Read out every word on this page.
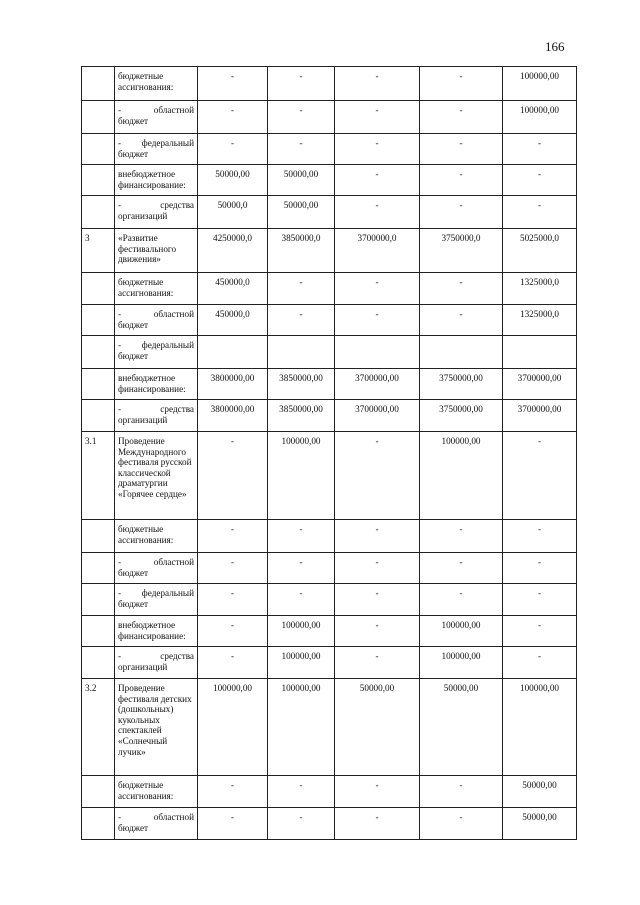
166

	бюджетные ассигнования:	-	-	-	-	100000,00

	- областной бюджет	-	-	-	-	100000,00

	- федеральный бюджет	-	-	-	-	-

	внебюджетное финансирование:	50000,00	50000,00	-	-	-

	- средства организаций	50000,0	50000,00	-	-	-
3	«Развитие фестивального движения»	4250000,0	3850000,0	3700000,0	3750000,0	5025000,0

	бюджетные ассигнования:	450000,0	-	-	-	1325000,0

	- областной бюджет	450000,0	-	-	-	1325000,0

	- федеральный бюджет					

	внебюджетное финансирование:	3800000,00	3850000,00	3700000,00	3750000,00	3700000,00

	- средства организаций	3800000,00	3850000,00	3700000,00	3750000,00	3700000,00
3.1	Проведение Международного фестиваля русской классической драматургии «Горячее сердце»	-	100000,00	-	100000,00	-

	бюджетные ассигнования:	-	-	-	-	-

	- областной бюджет	-	-	-	-	-

	- федеральный бюджет	-	-	-	-	-

	внебюджетное финансирование:	-	100000,00	-	100000,00	-

	- средства организаций	-	100000,00	-	100000,00	-
3.2	Проведение фестиваля детских (дошкольных) кукольных спектаклей «Солнечный лучик»	100000,00	100000,00	50000,00	50000,00	100000,00

	бюджетные ассигнования:	-	-	-	-	50000,00

	- областной бюджет	-	-	-	-	50000,00
